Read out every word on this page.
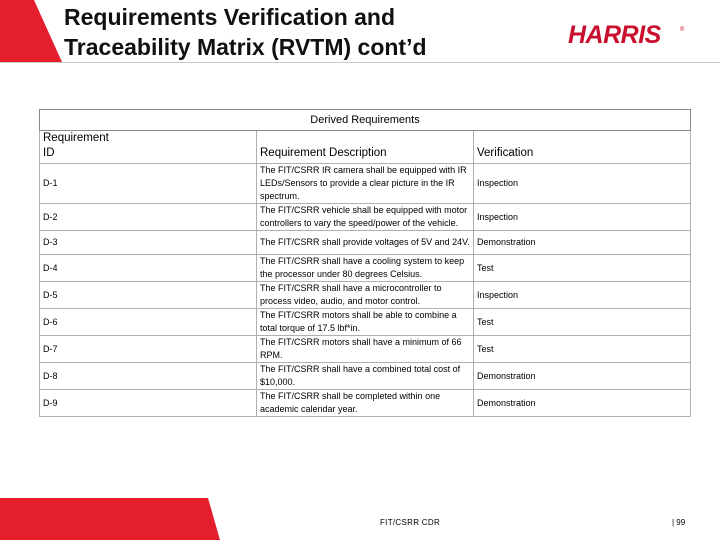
Requirements Verification and
Traceability Matrix (RVTM) cont’d	HARRIS	®
Derived Requirements		

Requirement
ID	Requirement Description	Verification
D-1	The FIT/CSRR IR camera shall be equipped with IR LEDs/Sensors to provide a clear picture in the IR spectrum.	Inspection
D-2	The FIT/CSRR vehicle shall be equipped with motor controllers to vary the speed/power of the vehicle.	Inspection
D-3	The FIT/CSRR shall provide voltages of 5V and 24V.	Demonstration
D-4	The FIT/CSRR shall have a cooling system to keep the processor under 80 degrees Celsius.	Test
D-5	The FIT/CSRR shall have a microcontroller to process video, audio, and motor control.	Inspection
D-6	The FIT/CSRR motors shall be able to combine a total torque of 17.5 lbf*in.	Test
D-7	The FIT/CSRR motors shall have a minimum of 66 RPM.	Test
D-8	The FIT/CSRR shall have a combined total cost of $10,000.	Demonstration
D-9	The FIT/CSRR shall be completed within one academic calendar year.	Demonstration
FIT/CSRR CDR	| 99
